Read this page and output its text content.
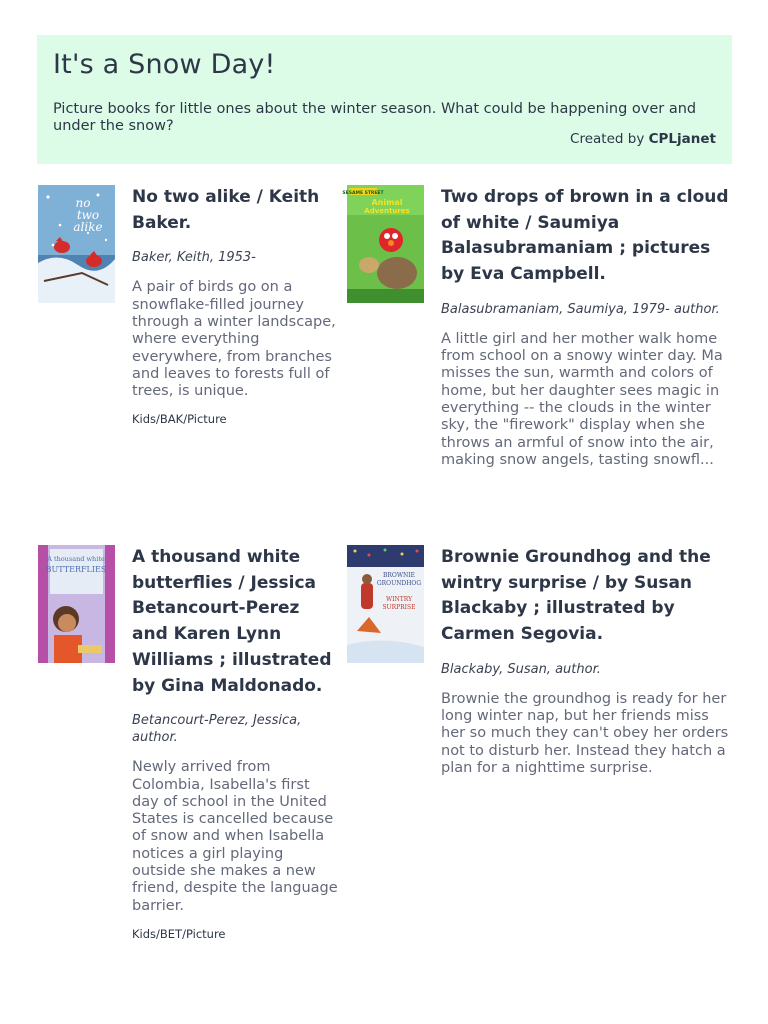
It's a Snow Day!

Picture books for little ones about the winter season. What could be happening over and under the snow?

Created by CPLjanet
no
two
alike

No two alike / Keith Baker.

Baker, Keith, 1953-

A pair of birds go on a snowflake-filled journey through a winter landscape, where everything everywhere, from branches and leaves to forests full of trees, is unique.

Kids/BAK/Picture

SESAME STREET
Animal
Adventures

Two drops of brown in a cloud of white / Saumiya Balasubramaniam ; pictures by Eva Campbell.

Balasubramaniam, Saumiya, 1979- author.

A little girl and her mother walk home from school on a snowy winter day. Ma misses the sun, warmth and colors of home, but her daughter sees magic in everything -- the clouds in the winter sky, the "firework" display when she throws an armful of snow into the air, making snow angels, tasting snowfl...

A thousand white
BUTTERFLIES

A thousand white butterflies / Jessica Betancourt-Perez and Karen Lynn Williams ; illustrated by Gina Maldonado.

Betancourt-Perez, Jessica, author.

Newly arrived from Colombia, Isabella's first day of school in the United States is cancelled because of snow and when Isabella notices a girl playing outside she makes a new friend, despite the language barrier.

Kids/BET/Picture

BROWNIE
GROUNDHOG
WINTRY
SURPRISE

Brownie Groundhog and the wintry surprise / by Susan Blackaby ; illustrated by Carmen Segovia.

Blackaby, Susan, author.

Brownie the groundhog is ready for her long winter nap, but her friends miss her so much they can't obey her orders not to disturb her. Instead they hatch a plan for a nighttime surprise.
